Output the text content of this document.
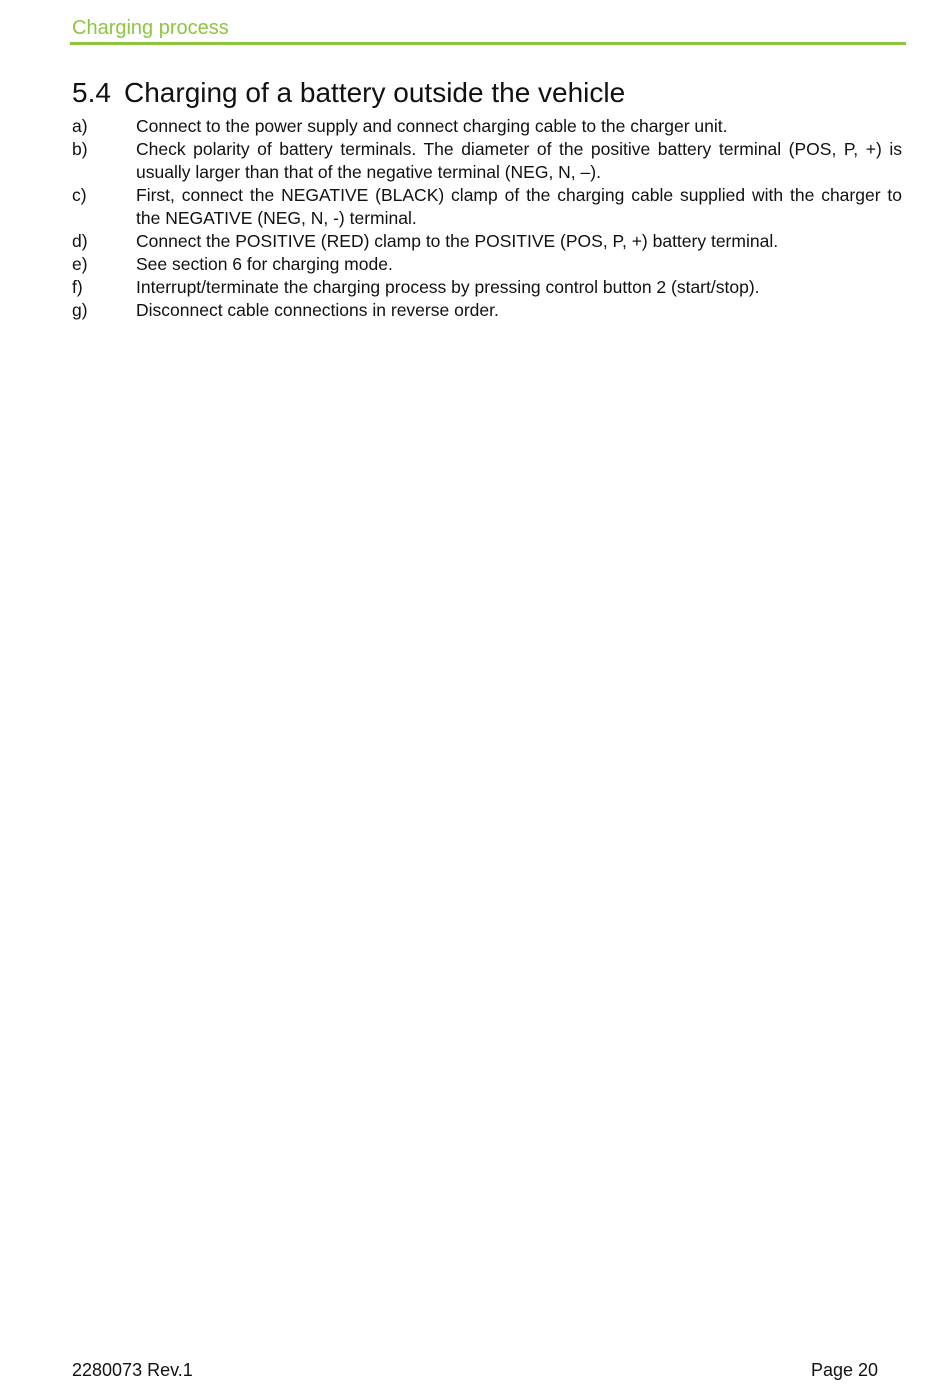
Charging process
5.4 Charging of a battery outside the vehicle
a)	Connect to the power supply and connect charging cable to the charger unit.
b)	Check polarity of battery terminals. The diameter of the positive battery terminal (POS, P, +) is usually larger than that of the negative terminal (NEG, N, –).
c)	First, connect the NEGATIVE (BLACK) clamp of the charging cable supplied with the charger to the NEGATIVE (NEG, N, -) terminal.
d)	Connect the POSITIVE (RED) clamp to the POSITIVE (POS, P, +) battery terminal.
e)	See section 6 for charging mode.
f)	Interrupt/terminate the charging process by pressing control button 2 (start/stop).
g)	Disconnect cable connections in reverse order.
2280073 Rev.1	Page 20
